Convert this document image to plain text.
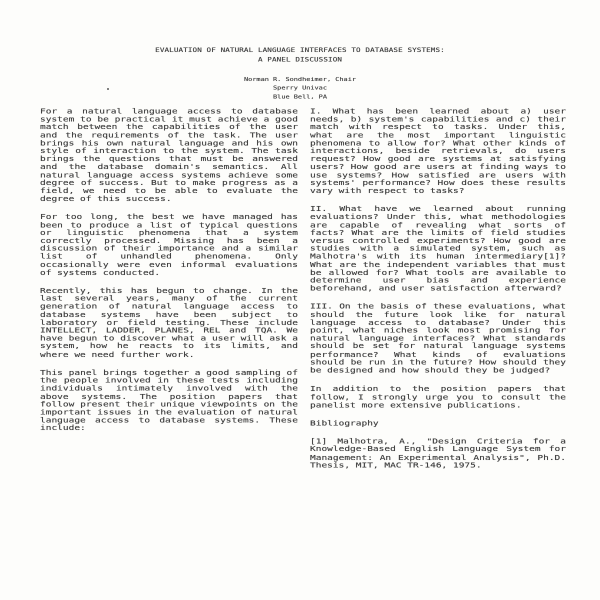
EVALUATION OF NATURAL LANGUAGE INTERFACES TO DATABASE SYSTEMS:
A PANEL DISCUSSION
Norman R. Sondheimer, Chair
Sperry Univac
Blue Bell, PA

For a natural language access to database system to be practical it must achieve a good match between the capabilities of the user and the requirements of the task. The user brings his own natural language and his own style of interaction to the system. The task brings the questions that must be answered and the database domain's semantics. All natural language access systems achieve some degree of success. But to make progress as a field, we need to be able to evaluate the degree of this success.

For too long, the best we have managed has been to produce a list of typical questions or linguistic phenomena that a system correctly processed. Missing has been a discussion of their importance and a similar list of unhandled phenomena. Only occasionally were even informal evaluations of systems conducted.

Recently, this has begun to change. In the last several years, many of the current generation of natural language access to database systems have been subject to laboratory or field testing. These include INTELLECT, LADDER, PLANES, REL and TQA. We have begun to discover what a user will ask a system, how he reacts to its limits, and where we need further work.

This panel brings together a good sampling of the people involved in these tests including individuals intimately involved with the above systems. The position papers that follow present their unique viewpoints on the important issues in the evaluation of natural language access to database systems. These include:

I. What has been learned about a) user needs, b) system's capabilities and c) their match with respect to tasks. Under this, what are the most important linguistic phenomena to allow for? What other kinds of interactions, beside retrievals, do users request? How good are systems at satisfying users? How good are users at finding ways to use systems? How satisfied are users with systems' performance? How does these results vary with respect to tasks?

II. What have we learned about running evaluations? Under this, what methodologies are capable of revealing what sorts of facts? What are the limits of field studies versus controlled experiments? How good are studies with a simulated system, such as Malhotra's with its human intermediary[1]? What are the independent variables that must be allowed for? What tools are available to determine user bias and experience beforehand, and user satisfaction afterward?

III. On the basis of these evaluations, what should the future look like for natural language access to database? Under this point, what niches look most promising for natural language interfaces? What standards should be set for natural language systems performance? What kinds of evaluations should be run in the future? How should they be designed and how should they be judged?

In addition to the position papers that follow, I strongly urge you to consult the panelist more extensive publications.

Bibliography

[1] Malhotra, A., "Design Criteria for a Knowledge-Based English Language System for Management: An Experimental Analysis", Ph.D. Thesis, MIT, MAC TR-146, 1975.
